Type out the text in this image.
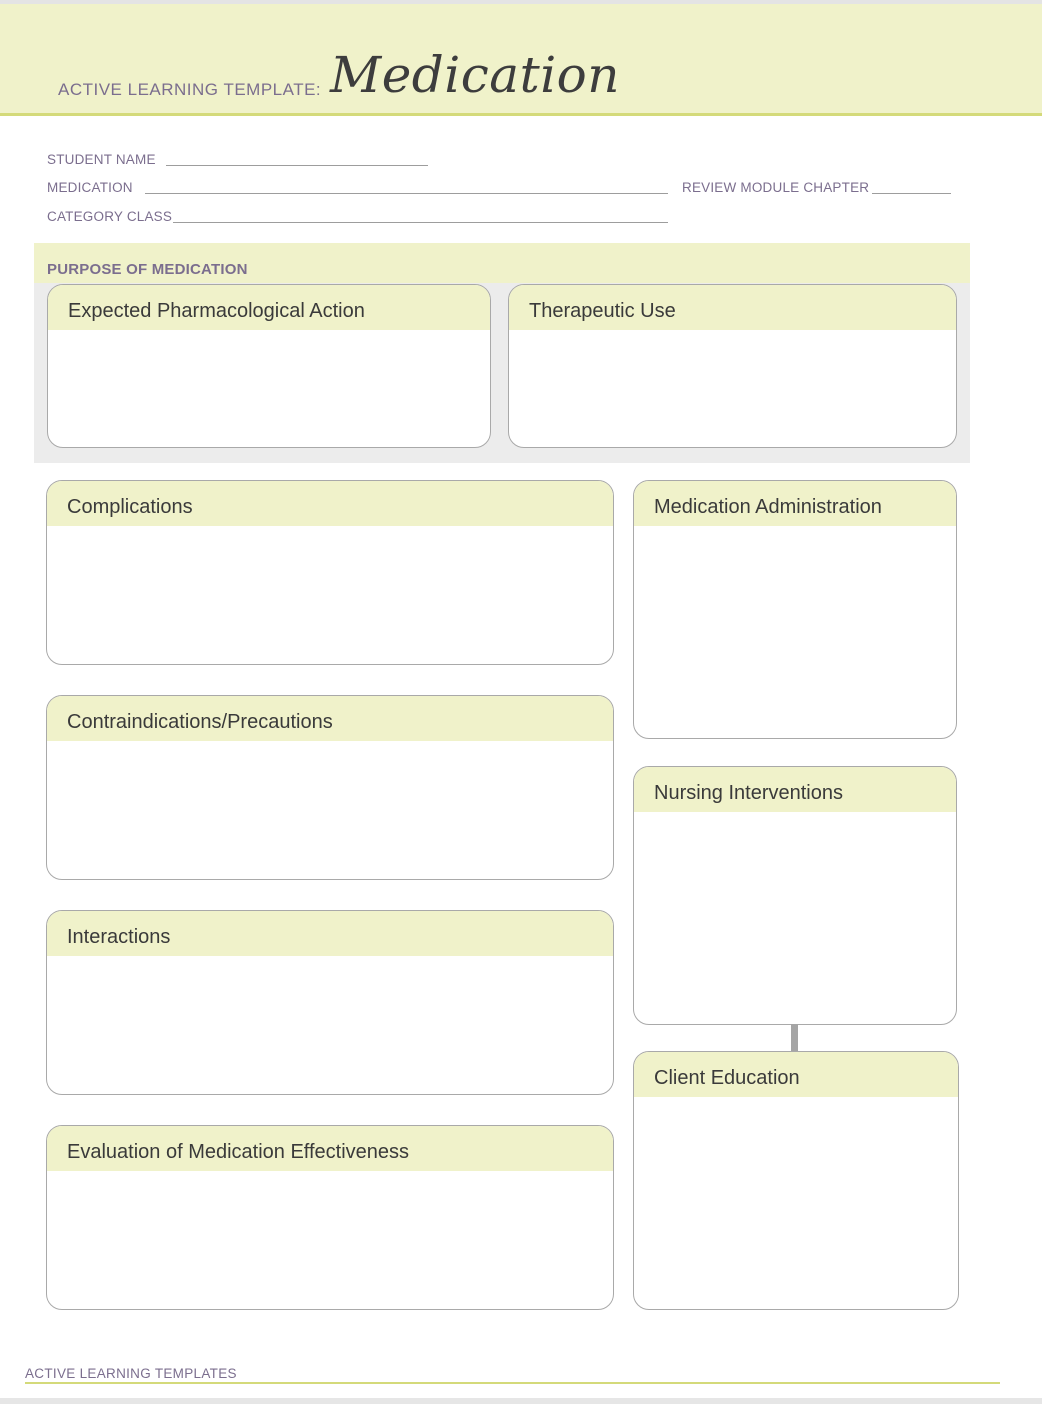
ACTIVE LEARNING TEMPLATE: Medication
STUDENT NAME
MEDICATION	REVIEW MODULE CHAPTER
CATEGORY CLASS
PURPOSE OF MEDICATION
Expected Pharmacological Action	Therapeutic Use
Complications
Contraindications/Precautions
Interactions
Evaluation of Medication Effectiveness
Medication Administration
Nursing Interventions
Client Education
ACTIVE LEARNING TEMPLATES
